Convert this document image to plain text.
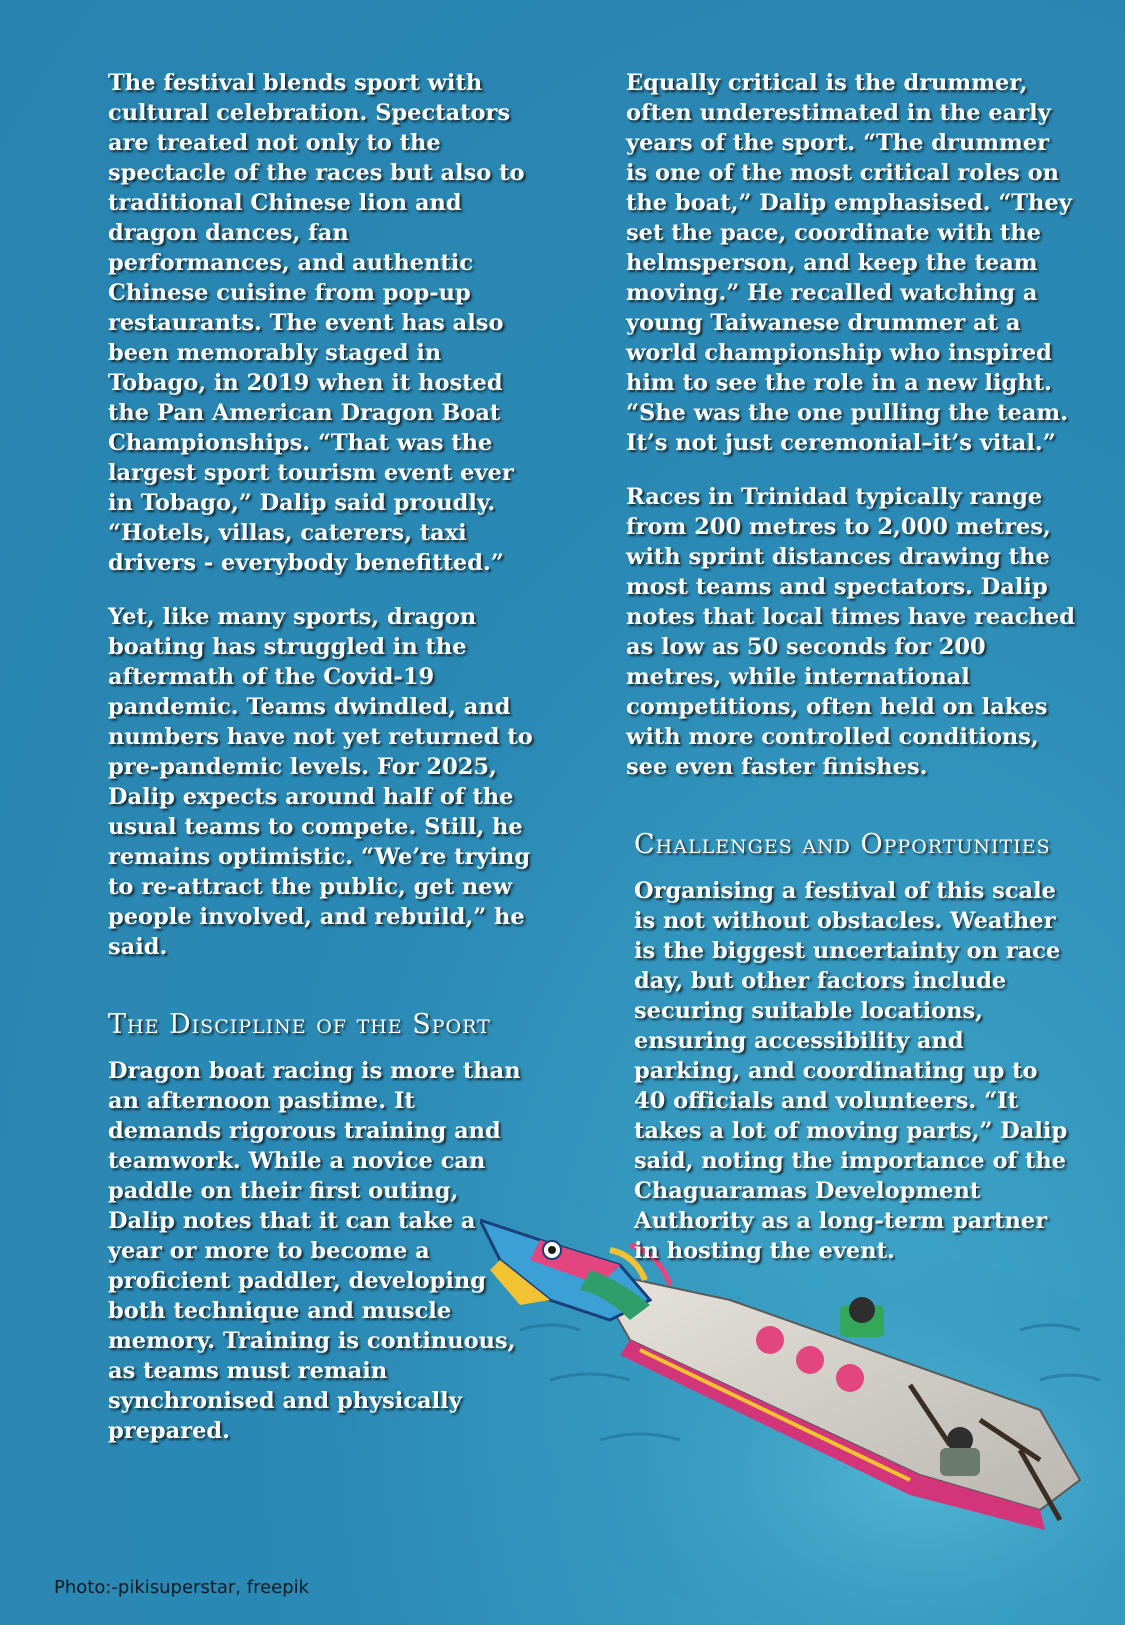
The festival blends sport with cultural celebration. Spectators are treated not only to the spectacle of the races but also to traditional Chinese lion and dragon dances, fan performances, and authentic Chinese cuisine from pop-up restaurants. The event has also been memorably staged in Tobago, in 2019 when it hosted the Pan American Dragon Boat Championships. “That was the largest sport tourism event ever in Tobago,” Dalip said proudly. “Hotels, villas, caterers, taxi drivers - everybody benefitted.”

Yet, like many sports, dragon boating has struggled in the aftermath of the Covid-19 pandemic. Teams dwindled, and numbers have not yet returned to pre-pandemic levels. For 2025, Dalip expects around half of the usual teams to compete. Still, he remains optimistic. “We’re trying to re-attract the public, get new people involved, and rebuild,” he said.

The Discipline of the Sport

Dragon boat racing is more than an afternoon pastime. It demands rigorous training and teamwork. While a novice can paddle on their first outing, Dalip notes that it can take a year or more to become a proficient paddler, developing both technique and muscle memory. Training is continuous, as teams must remain synchronised and physically prepared.

Equally critical is the drummer, often underestimated in the early years of the sport. “The drummer is one of the most critical roles on the boat,” Dalip emphasised. “They set the pace, coordinate with the helmsperson, and keep the team moving.” He recalled watching a young Taiwanese drummer at a world championship who inspired him to see the role in a new light. “She was the one pulling the team. It’s not just ceremonial–it’s vital.”

Races in Trinidad typically range from 200 metres to 2,000 metres, with sprint distances drawing the most teams and spectators. Dalip notes that local times have reached as low as 50 seconds for 200 metres, while international competitions, often held on lakes with more controlled conditions, see even faster finishes.

Challenges and Opportunities

Organising a festival of this scale is not without obstacles. Weather is the biggest uncertainty on race day, but other factors include securing suitable locations, ensuring accessibility and parking, and coordinating up to 40 officials and volunteers. “It takes a lot of moving parts,” Dalip said, noting the importance of the Chaguaramas Development Authority as a long-term partner in hosting the event.

Photo:-pikisuperstar, freepik
